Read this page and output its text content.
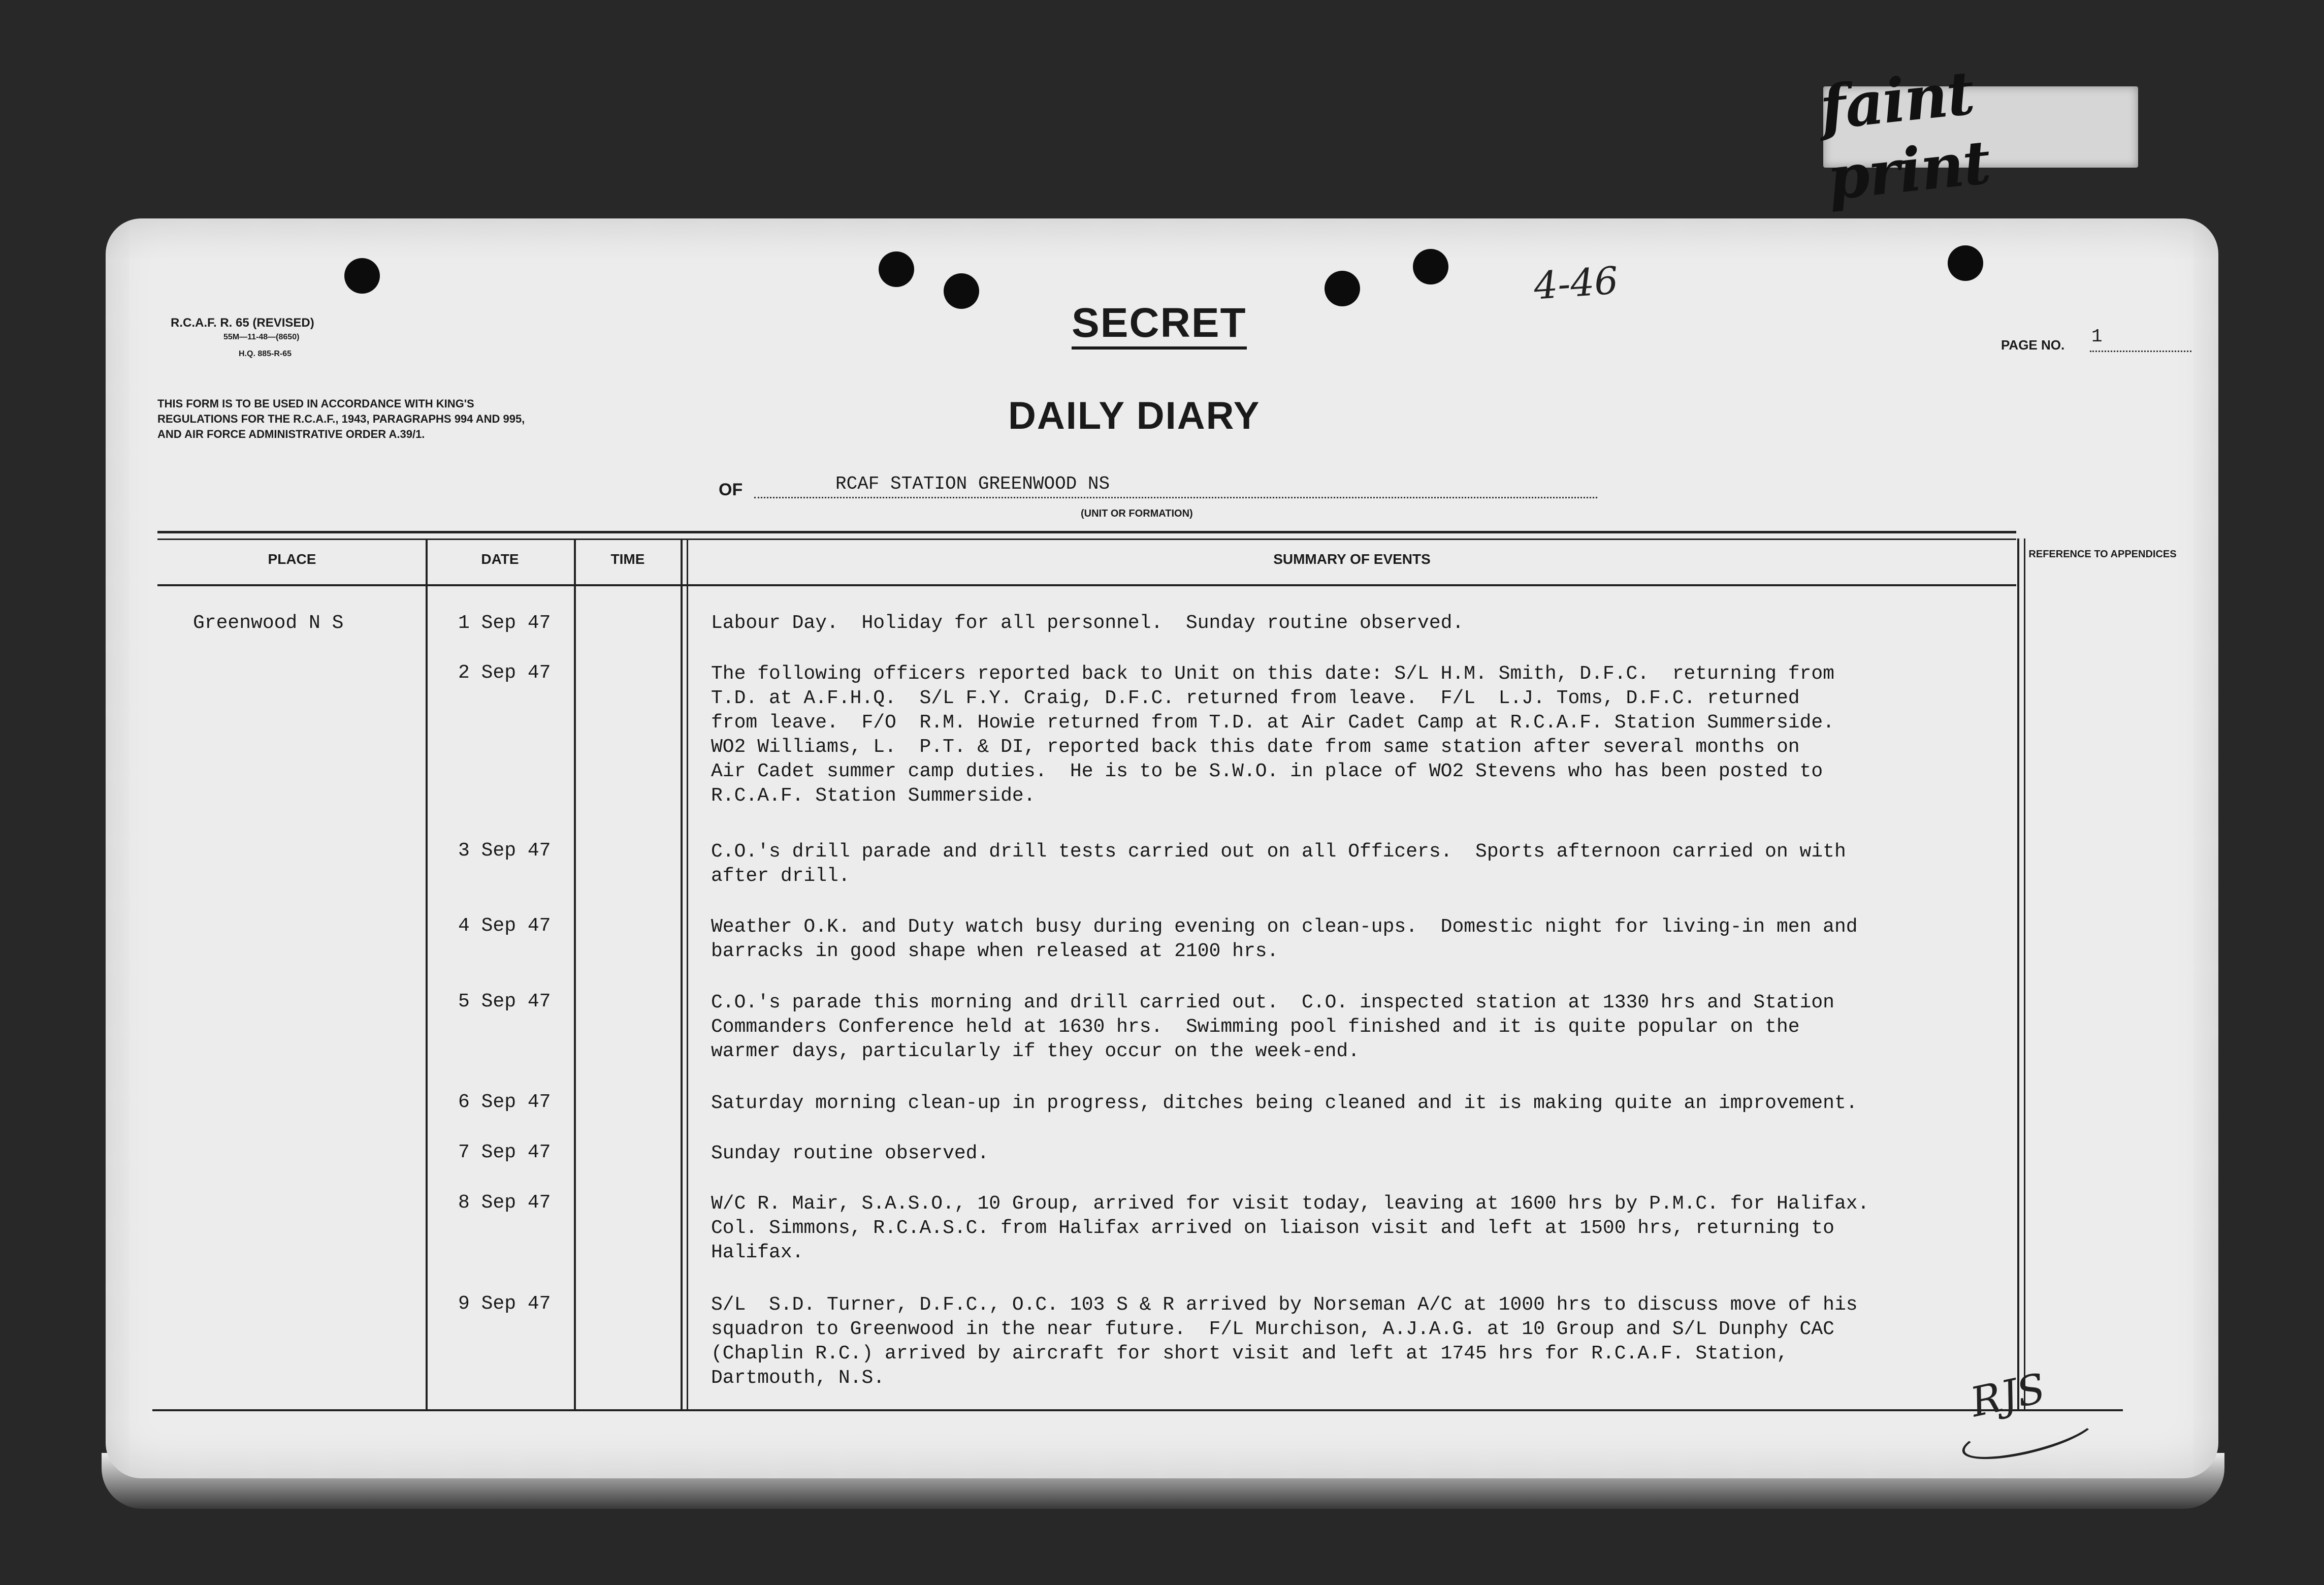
faint print
R.C.A.F. R. 65 (REVISED)
55M—11-48—(8650)
H.Q. 885-R-65
THIS FORM IS TO BE USED IN ACCORDANCE WITH KING'S REGULATIONS FOR THE R.C.A.F., 1943, PARAGRAPHS 994 AND 995, AND AIR FORCE ADMINISTRATIVE ORDER A.39/1.
SECRET
4-46
PAGE NO. 1
DAILY DIARY
OF	RCAF STATION GREENWOOD NS
(UNIT OR FORMATION)
PLACE	DATE	TIME	SUMMARY OF EVENTS	REFERENCE TO APPENDICES
Greenwood N S	1 Sep 47	Labour Day.  Holiday for all personnel.  Sunday routine observed.
2 Sep 47	The following officers reported back to Unit on this date: S/L H.M. Smith, D.F.C.  returning from
T.D. at A.F.H.Q.  S/L F.Y. Craig, D.F.C. returned from leave.  F/L  L.J. Toms, D.F.C. returned
from leave.  F/O  R.M. Howie returned from T.D. at Air Cadet Camp at R.C.A.F. Station Summerside.
WO2 Williams, L.  P.T. & DI, reported back this date from same station after several months on
Air Cadet summer camp duties.  He is to be S.W.O. in place of WO2 Stevens who has been posted to
R.C.A.F. Station Summerside.
3 Sep 47	C.O.'s drill parade and drill tests carried out on all Officers.  Sports afternoon carried on with
after drill.
4 Sep 47	Weather O.K. and Duty watch busy during evening on clean-ups.  Domestic night for living-in men and
barracks in good shape when released at 2100 hrs.
5 Sep 47	C.O.'s parade this morning and drill carried out.  C.O. inspected station at 1330 hrs and Station
Commanders Conference held at 1630 hrs.  Swimming pool finished and it is quite popular on the
warmer days, particularly if they occur on the week-end.
6 Sep 47	Saturday morning clean-up in progress, ditches being cleaned and it is making quite an improvement.
7 Sep 47	Sunday routine observed.
8 Sep 47	W/C R. Mair, S.A.S.O., 10 Group, arrived for visit today, leaving at 1600 hrs by P.M.C. for Halifax.
Col. Simmons, R.C.A.S.C. from Halifax arrived on liaison visit and left at 1500 hrs, returning to
Halifax.
9 Sep 47	S/L  S.D. Turner, D.F.C., O.C. 103 S & R arrived by Norseman A/C at 1000 hrs to discuss move of his
squadron to Greenwood in the near future.  F/L Murchison, A.J.A.G. at 10 Group and S/L Dunphy CAC
(Chaplin R.C.) arrived by aircraft for short visit and left at 1745 hrs for R.C.A.F. Station,
Dartmouth, N.S.	RJS
